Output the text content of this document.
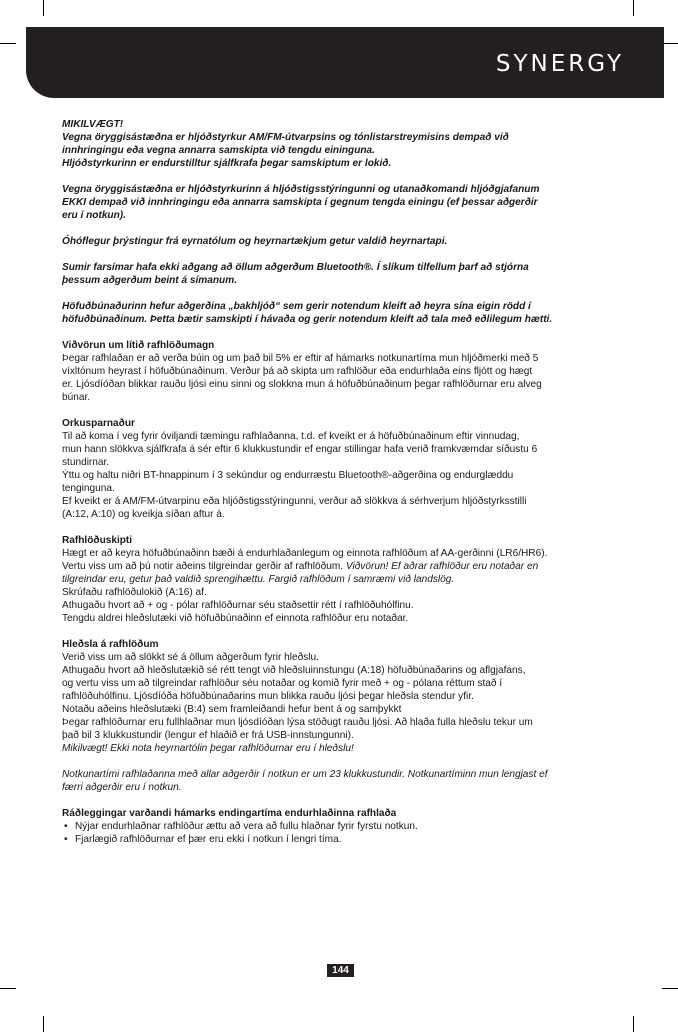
SYNERGY

MIKILVÆGT!
Vegna öryggisástæðna er hljóðstyrkur AM/FM-útvarpsins og tónlistarstreymisins dempað við
innhringingu eða vegna annarra samskipta við tengdu eininguna.
Hljóðstyrkurinn er endurstilltur sjálfkrafa þegar samskiptum er lokið.

Vegna öryggisástæðna er hljóðstyrkurinn á hljóðstigsstýringunni og utanaðkomandi hljóðgjafanum
EKKI dempað við innhringingu eða annarra samskipta í gegnum tengda einingu (ef þessar aðgerðir
eru í notkun).

Óhóflegur þrýstingur frá eyrnatólum og heyrnartækjum getur valdið heyrnartapi.

Sumir farsímar hafa ekki aðgang að öllum aðgerðum Bluetooth®. Í slíkum tilfellum þarf að stjórna
þessum aðgerðum beint á símanum.

Höfuðbúnaðurinn hefur aðgerðina „bakhljóð“ sem gerir notendum kleift að heyra sína eigin rödd í
höfuðbúnaðinum. Þetta bætir samskipti í hávaða og gerir notendum kleift að tala með eðlilegum hætti.

Viðvörun um lítið rafhlöðumagn
Þegar rafhlaðan er að verða búin og um það bil 5% er eftir af hámarks notkunartíma mun hljóðmerki með 5
víxltónum heyrast í höfuðbúnaðinum. Verður þá að skipta um rafhlöður eða endurhlaða eins fljótt og hægt
er. Ljósdíóðan blikkar rauðu ljósi einu sinni og slokkna mun á höfuðbúnaðinum þegar rafhlöðurnar eru alveg
búnar.

Orkusparnaður
Til að koma í veg fyrir óviljandi tæmingu rafhlaðanna, t.d. ef kveikt er á höfuðbúnaðinum eftir vinnudag,
mun hann slökkva sjálfkrafa á sér eftir 6 klukkustundir ef engar stillingar hafa verið framkvæmdar síðustu 6
stundirnar.
Ýttu og haltu niðri BT-hnappinum í 3 sekúndur og endurræstu Bluetooth®-aðgerðina og endurglæddu
tenginguna.
Ef kveikt er á AM/FM-útvarpinu eða hljóðstigsstýringunni, verður að slökkva á sérhverjum hljóðstyrksstilli
(A:12, A:10) og kveikja síðan aftur á.

Rafhlöðuskipti
Hægt er að keyra höfuðbúnaðinn bæði á endurhlaðanlegum og einnota rafhlöðum af AA-gerðinni (LR6/HR6).
Vertu viss um að þú notir aðeins tilgreindar gerðir af rafhlöðum. Viðvörun! Ef aðrar rafhlöður eru notaðar en
tilgreindar eru, getur það valdið sprengihættu. Fargið rafhlöðum í samræmi við landslög.
Skrúfaðu rafhlöðulokið (A:16) af.
Athugaðu hvort að + og - pólar rafhlöðurnar séu staðsettir rétt í rafhlöðuhólfinu.
Tengdu aldrei hleðslutæki við höfuðbúnaðinn ef einnota rafhlöður eru notaðar.

Hleðsla á rafhlöðum
Verið viss um að slökkt sé á öllum aðgerðum fyrir hleðslu.
Athugaðu hvort að hleðslutækið sé rétt tengt við hleðsluinnstungu (A:18) höfuðbúnaðarins og aflgjafans,
og vertu viss um að tilgreindar rafhlöður séu notaðar og komið fyrir með + og - pólana réttum stað í
rafhlöðuhólfinu. Ljósdíóða höfuðbúnaðarins mun blikka rauðu ljósi þegar hleðsla stendur yfir.
Notaðu aðeins hleðslutæki (B:4) sem framleiðandi hefur bent á og samþykkt
Þegar rafhlöðurnar eru fullhlaðnar mun ljósdíóðan lýsa stöðugt rauðu ljósi. Að hlaða fulla hleðslu tekur um
það bil 3 klukkustundir (lengur ef hlaðið er frá USB-innstungunni).
Mikilvægt! Ekki nota heyrnartólin þegar rafhlöðurnar eru í hleðslu!

Notkunartími rafhlaðanna með allar aðgerðir í notkun er um 23 klukkustundir. Notkunartíminn mun lengjast ef
færri aðgerðir eru í notkun.

Ráðleggingar varðandi hámarks endingartíma endurhlaðinna rafhlaða
• Nýjar endurhlaðnar rafhlöður ættu að vera að fullu hlaðnar fyrir fyrstu notkun.
• Fjarlægið rafhlöðurnar ef þær eru ekki í notkun í lengri tíma.

144
